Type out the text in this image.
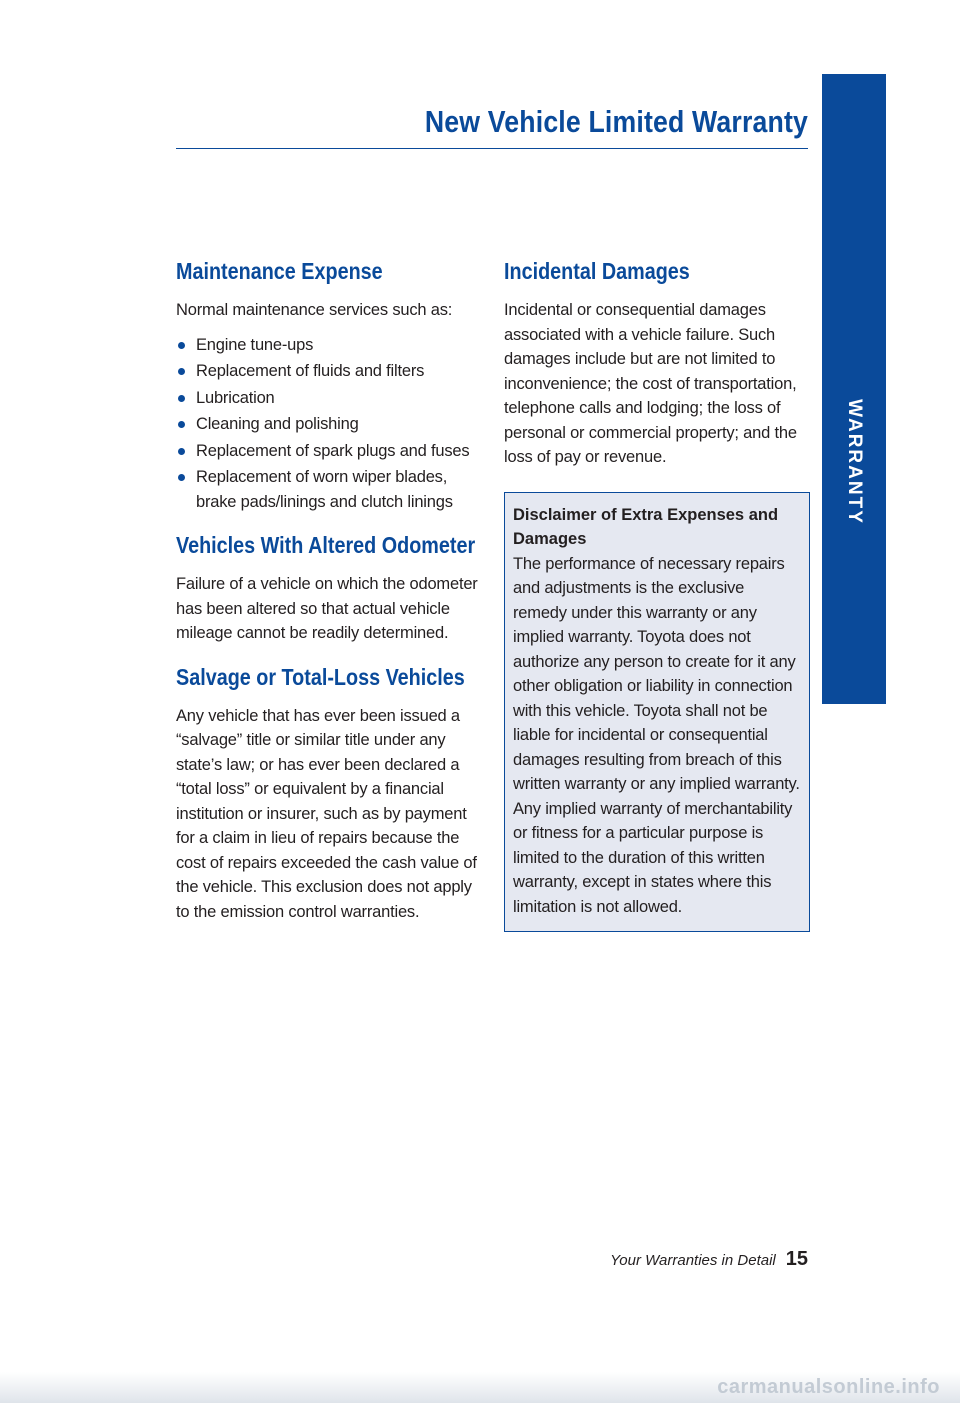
New Vehicle Limited Warranty
WARRANTY
Maintenance Expense

Normal maintenance services such as:

Engine tune-ups
Replacement of fluids and filters
Lubrication
Cleaning and polishing
Replacement of spark plugs and fuses
Replacement of worn wiper blades, brake pads/linings and clutch linings
Vehicles With Altered Odometer

Failure of a vehicle on which the odometer has been altered so that actual vehicle mileage cannot be readily determined.

Salvage or Total-Loss Vehicles

Any vehicle that has ever been issued a “salvage” title or similar title under any state’s law; or has ever been declared a “total loss” or equivalent by a financial institution or insurer, such as by payment for a claim in lieu of repairs because the cost of repairs exceeded the cash value of the vehicle. This exclusion does not apply to the emission control warranties.

Incidental Damages

Incidental or consequential damages associated with a vehicle failure. Such damages include but are not limited to inconvenience; the cost of transportation, telephone calls and lodging; the loss of personal or commercial property; and the loss of pay or revenue.

Disclaimer of Extra Expenses and Damages
The performance of necessary repairs and adjustments is the exclusive remedy under this warranty or any implied warranty. Toyota does not authorize any person to create for it any other obligation or liability in connection with this vehicle. Toyota shall not be liable for incidental or consequential damages resulting from breach of this written warranty or any implied warranty. Any implied warranty of merchantability or fitness for a particular purpose is limited to the duration of this written warranty, except in states where this limitation is not allowed.
Your Warranties in Detail 15
carmanualsonline.info
